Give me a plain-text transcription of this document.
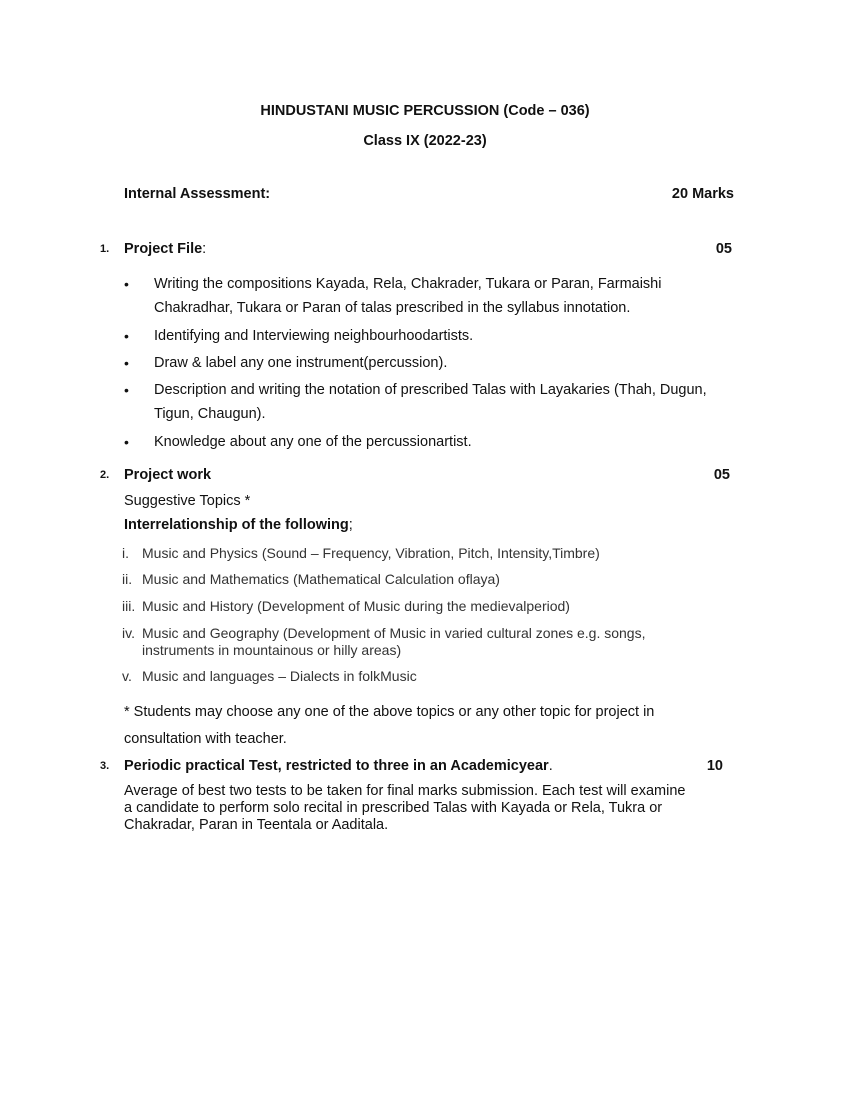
HINDUSTANI MUSIC PERCUSSION (Code – 036)
Class IX (2022-23)
Internal Assessment:	20 Marks
1. Project File:	05
• Writing the compositions Kayada, Rela, Chakrader, Tukara or Paran, Farmaishi
Chakradhar, Tukara or Paran of talas prescribed in the syllabus innotation.
• Identifying and Interviewing neighbourhoodartists.
• Draw & label any one instrument(percussion).
• Description and writing the notation of prescribed Talas with Layakaries (Thah, Dugun,
Tigun, Chaugun).
• Knowledge about any one of the percussionartist.
2. Project work	05
Suggestive Topics *
Interrelationship of the following;
i. Music and Physics (Sound – Frequency, Vibration, Pitch, Intensity,Timbre)
ii. Music and Mathematics (Mathematical Calculation oflaya)
iii. Music and History (Development of Music during the medievalperiod)
iv. Music and Geography (Development of Music in varied cultural zones e.g. songs,
instruments in mountainous or hilly areas)
v. Music and languages – Dialects in folkMusic
* Students may choose any one of the above topics or any other topic for project in
consultation with teacher.
3. Periodic practical Test, restricted to three in an Academicyear.	10
Average of best two tests to be taken for final marks submission. Each test will examine
a candidate to perform solo recital in prescribed Talas with Kayada or Rela, Tukra or
Chakradar, Paran in Teentala or Aaditala.
